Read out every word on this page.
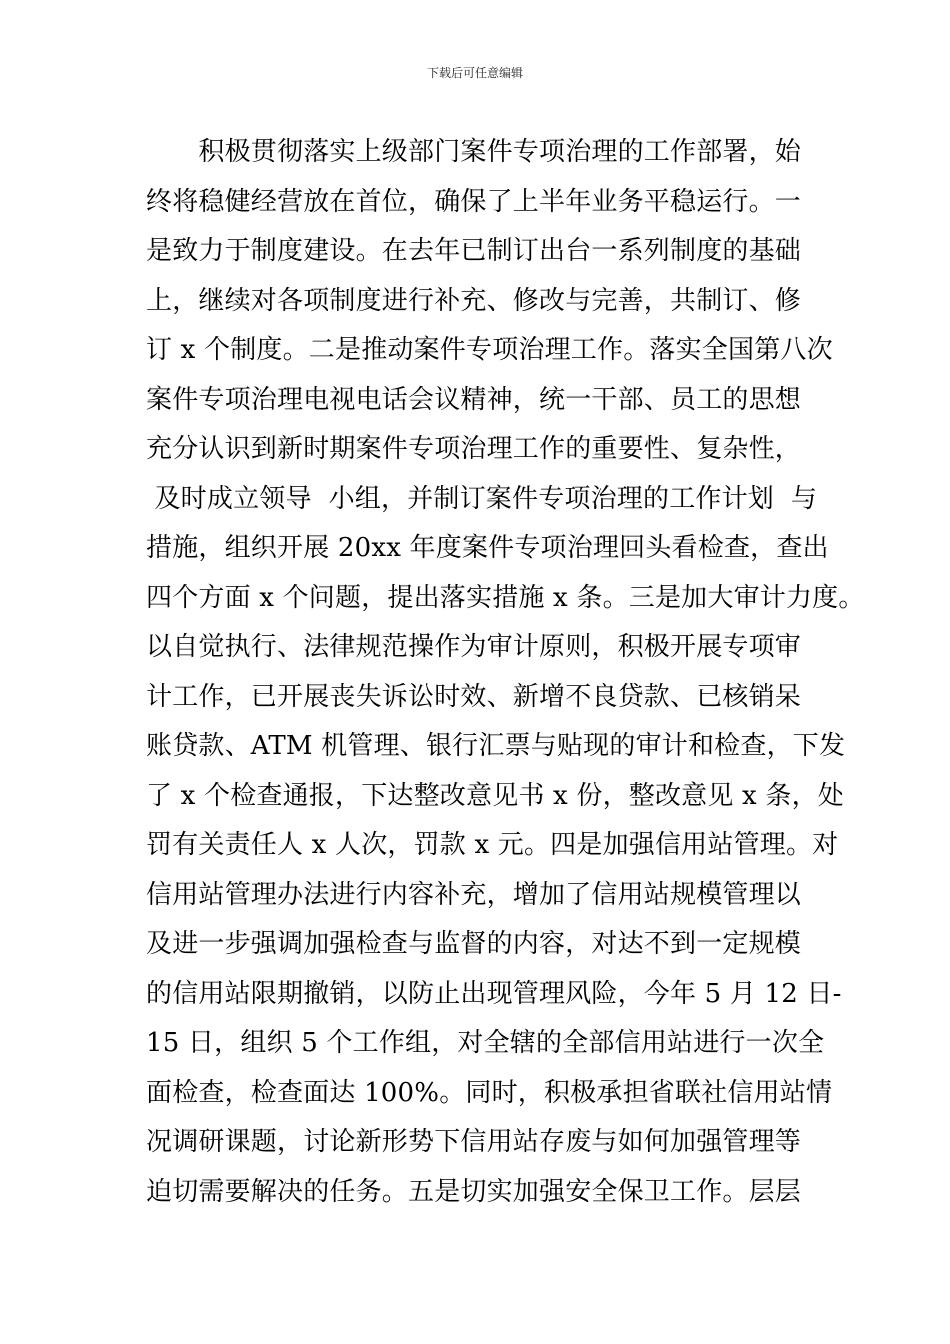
下载后可任意编辑
　　积极贯彻落实上级部门案件专项治理的工作部署，始
终将稳健经营放在首位，确保了上半年业务平稳运行。一
是致力于制度建设。在去年已制订出台一系列制度的基础
上，继续对各项制度进行补充、修改与完善，共制订、修
订 x 个制度。二是推动案件专项治理工作。落实全国第八次
案件专项治理电视电话会议精神，统一干部、员工的思想
充分认识到新时期案件专项治理工作的重要性、复杂性，
及时成立领导  小组，并制订案件专项治理的工作计划  与
措施，组织开展 20xx 年度案件专项治理回头看检查，查出
四个方面 x 个问题，提出落实措施 x 条。三是加大审计力度。
以自觉执行、法律规范操作为审计原则，积极开展专项审
计工作，已开展丧失诉讼时效、新增不良贷款、已核销呆
账贷款、ATM 机管理、银行汇票与贴现的审计和检查，下发
了 x 个检查通报，下达整改意见书 x 份，整改意见 x 条，处
罚有关责任人 x 人次，罚款 x 元。四是加强信用站管理。对
信用站管理办法进行内容补充，增加了信用站规模管理以
及进一步强调加强检查与监督的内容，对达不到一定规模
的信用站限期撤销，以防止出现管理风险，今年 5 月 12 日-
15 日，组织 5 个工作组，对全辖的全部信用站进行一次全
面检查，检查面达 100%。同时，积极承担省联社信用站情
况调研课题，讨论新形势下信用站存废与如何加强管理等
迫切需要解决的任务。五是切实加强安全保卫工作。层层
